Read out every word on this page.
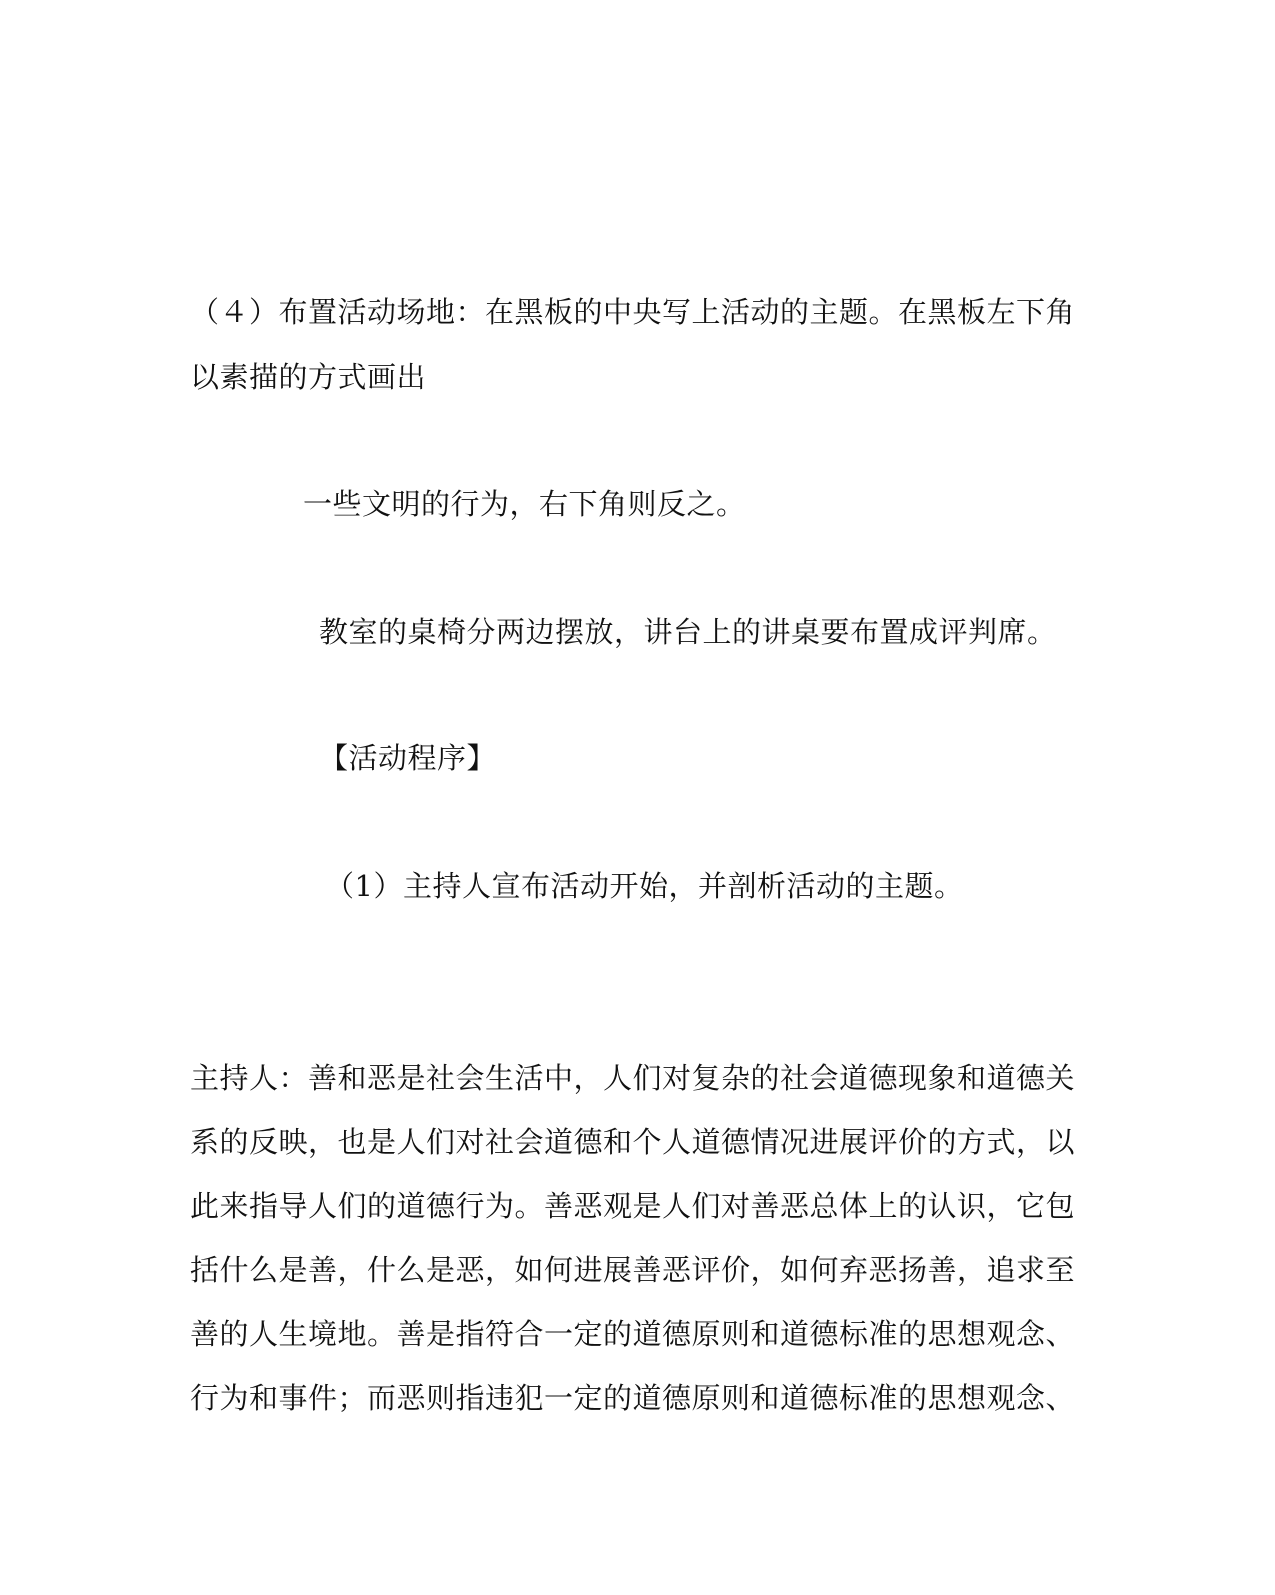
（４）布置活动场地：在黑板的中央写上活动的主题。在黑板左下角
以素描的方式画出
一些文明的行为，右下角则反之。
教室的桌椅分两边摆放，讲台上的讲桌要布置成评判席。
【活动程序】
（1）主持人宣布活动开始，并剖析活动的主题。
主持人：善和恶是社会生活中，人们对复杂的社会道德现象和道德关
系的反映，也是人们对社会道德和个人道德情况进展评价的方式，以
此来指导人们的道德行为。善恶观是人们对善恶总体上的认识，它包
括什么是善，什么是恶，如何进展善恶评价，如何弃恶扬善，追求至
善的人生境地。善是指符合一定的道德原则和道德标准的思想观念、
行为和事件；而恶则指违犯一定的道德原则和道德标准的思想观念、
